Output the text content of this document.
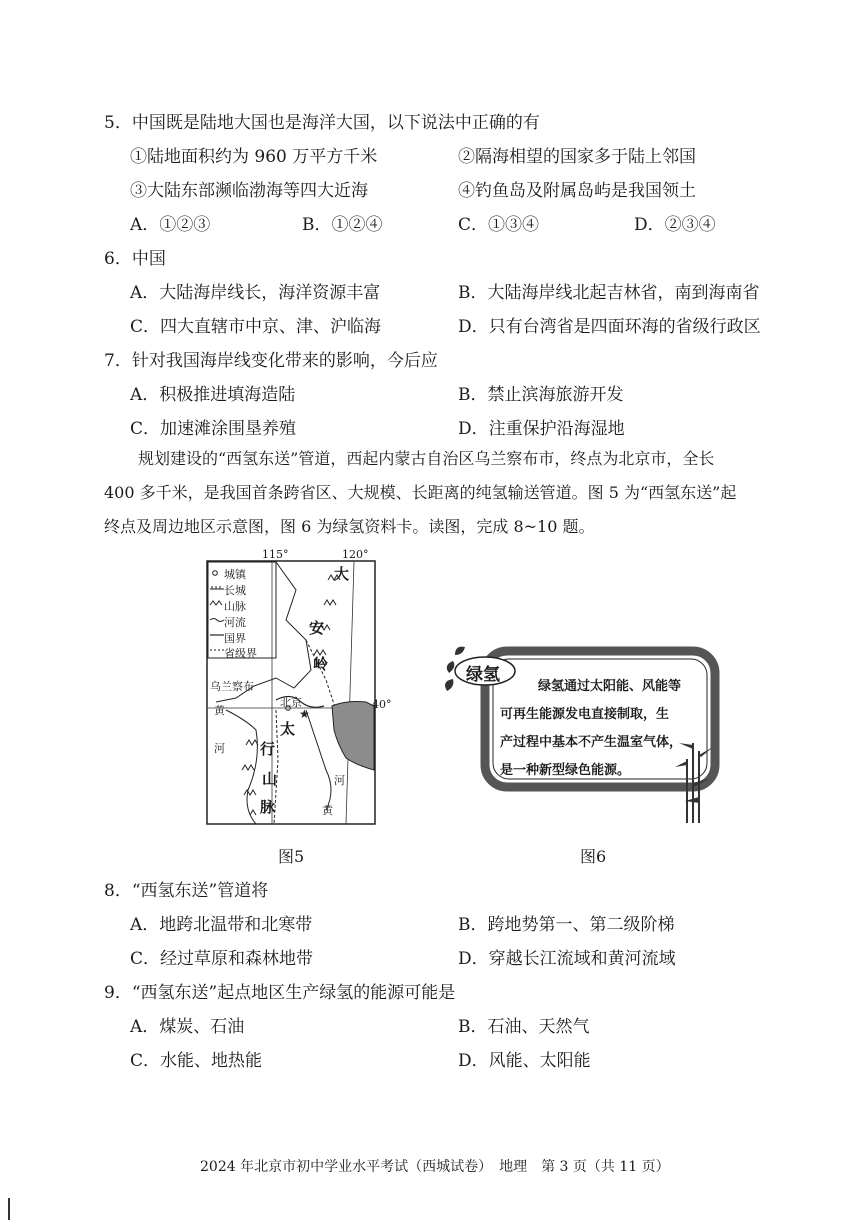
5．中国既是陆地大国也是海洋大国，以下说法中正确的有
①陆地面积约为 960 万平方千米	②隔海相望的国家多于陆上邻国
③大陆东部濒临渤海等四大近海	④钓鱼岛及附属岛屿是我国领土
A．①②③	B．①②④	C．①③④	D．②③④
6．中国
A．大陆海岸线长，海洋资源丰富	B．大陆海岸线北起吉林省，南到海南省
C．四大直辖市中京、津、沪临海	D．只有台湾省是四面环海的省级行政区
7．针对我国海岸线变化带来的影响，今后应
A．积极推进填海造陆	B．禁止滨海旅游开发
C．加速滩涂围垦养殖	D．注重保护沿海湿地

规划建设的“西氢东送”管道，西起内蒙古自治区乌兰察布市，终点为北京市，全长

400 多千米，是我国首条跨省区、大规模、长距离的纯氢输送管道。图 5 为“西氢东送”起

终点及周边地区示意图，图 6 为绿氢资料卡。读图，完成 8~10 题。

★
城镇
长城
山脉
河流
国界
省级界
115°	120°
40°
大
安
岭
乌兰察布
北京
黄
河
太
行
山
脉
河
黄
图5
绿氢
绿氢通过太阳能、风能等
可再生能源发电直接制取，生
产过程中基本不产生温室气体，
是一种新型绿色能源。
图6
8．“西氢东送”管道将
A．地跨北温带和北寒带	B．跨地势第一、第二级阶梯
C．经过草原和森林地带	D．穿越长江流域和黄河流域
9．“西氢东送”起点地区生产绿氢的能源可能是
A．煤炭、石油	B．石油、天然气
C．水能、地热能	D．风能、太阳能
2024 年北京市初中学业水平考试（西城试卷）　地理　第 3 页（共 11 页）
